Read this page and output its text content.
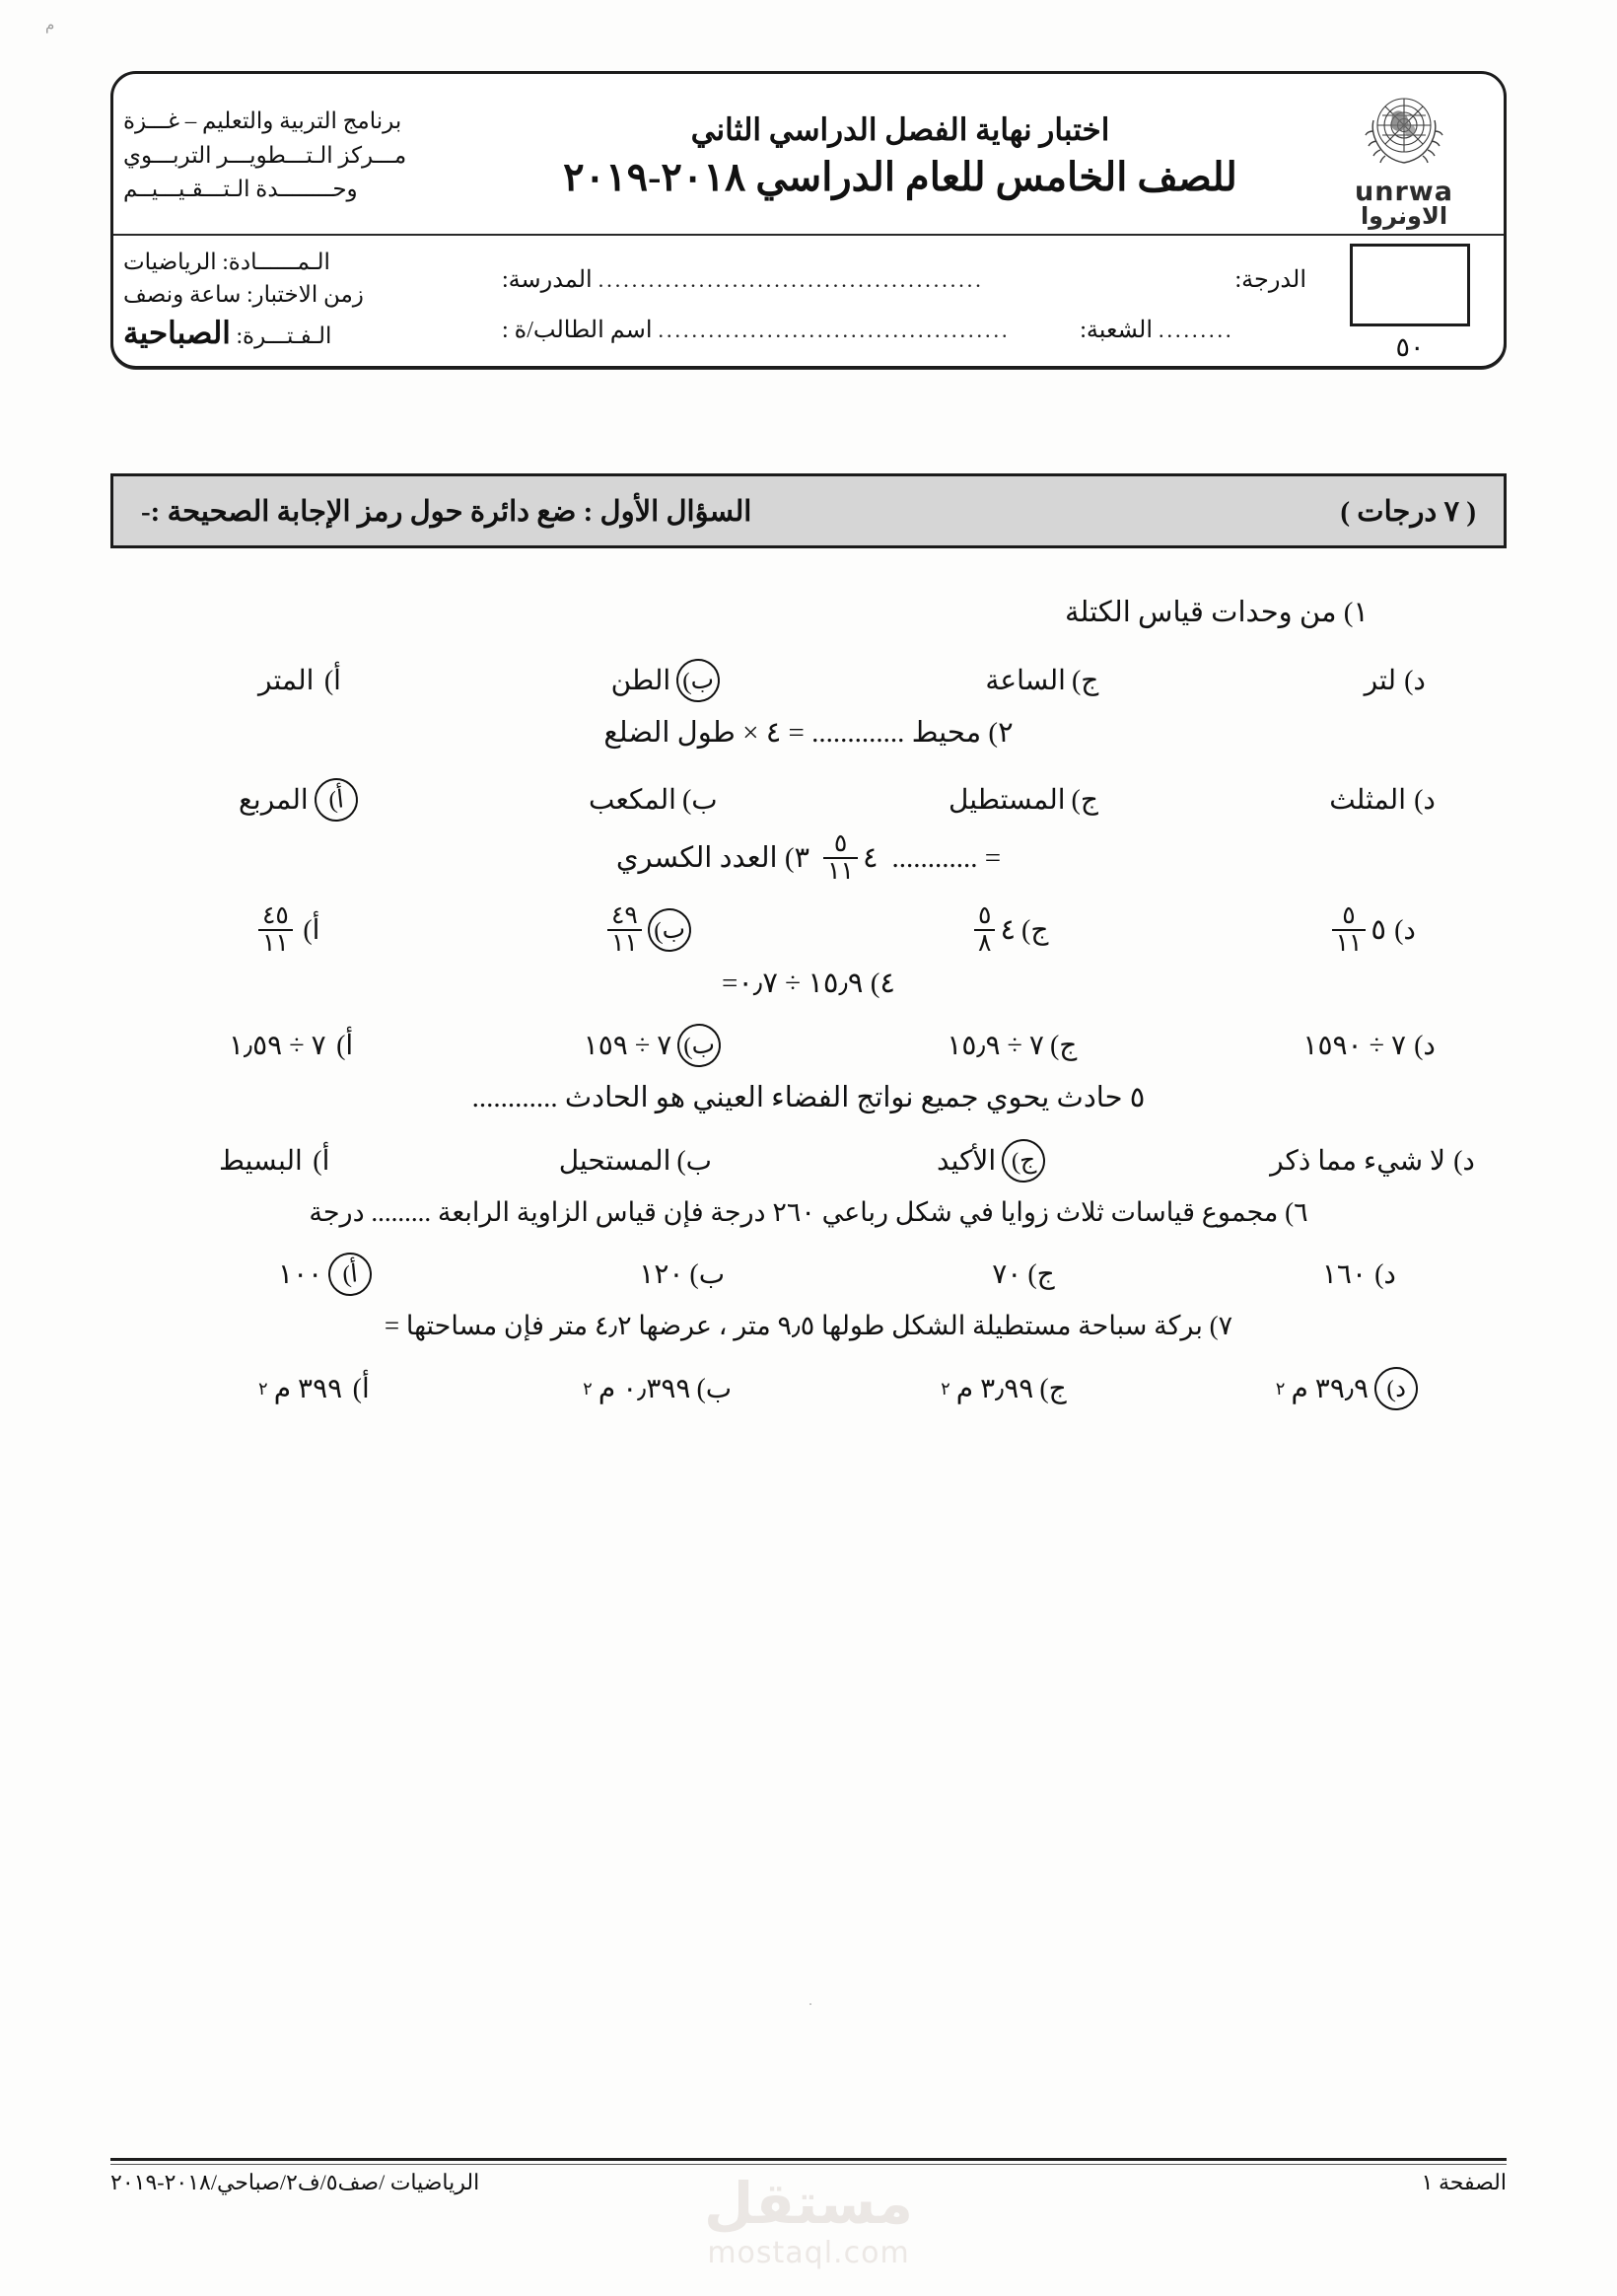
م
unrwa
الاونروا
اختبار نهاية الفصل الدراسي الثاني
للصف الخامس للعام الدراسي ٢٠١٨-٢٠١٩
برنامج التربية والتعليم – غـــزة
مـــركز الـتـــطويـــر التربـــوي
وحــــــــدة الـتـــقـيـــيــم
٥٠
الدرجة:
..............................................
المدرسة:
.........
الشعبة:
..........................................
اسم الطالب/ة :
الـمــــــادة: الرياضيات
زمن الاختبار: ساعة ونصف
الـفـتـــرة: الصباحية
( ٧ درجات )
السؤال الأول : ضع دائرة حول رمز الإجابة الصحيحة :-
١) من وحدات قياس الكتلة
د)
لتر
ج)
الساعة
ب)
الطن
أ)
المتر
٢) محيط ............. = ٤ × طول الضلع
د)
المثلث
ج)
المستطيل
ب)
المكعب
أ)
المربع
= ............
٤
$\frac{٥}{١١}$
٣) العدد الكسري
د)
٥
$\frac{٥}{١١}$
ج)
٤
$\frac{٥}{٨}$
ب)
$\frac{٤٩}{١١}$
أ)
$\frac{٤٥}{١١}$
٤) ١٥٫٩ ÷ ٠٫٧=
د)
٧ ÷ ١٥٩٠
ج)
٧ ÷ ١٥٫٩
ب)
٧ ÷ ١٥٩
أ)
٧ ÷ ١٫٥٩
٥ حادث يحوي جميع نواتج الفضاء العيني هو الحادث ............
د)
لا شيء مما ذكر
ج)
الأكيد
ب)
المستحيل
أ)
البسيط
٦) مجموع قياسات ثلاث زوايا في شكل رباعي ٢٦٠ درجة فإن قياس الزاوية الرابعة ......... درجة
د)
١٦٠
ج)
٧٠
ب)
١٢٠
أ)
١٠٠
٧) بركة سباحة مستطيلة الشكل طولها ٩٫٥ متر ، عرضها ٤٫٢ متر فإن مساحتها =
د)
٣٩٫٩ م
٢
ج)
٣٫٩٩ م
٢
ب)
٠٫٣٩٩ م
٢
أ)
٣٩٩ م
٢
.
مستقل
mostaql.com
الصفحة ١
الرياضيات /صف٥/ف٢/صباحي/٢٠١٨-٢٠١٩
